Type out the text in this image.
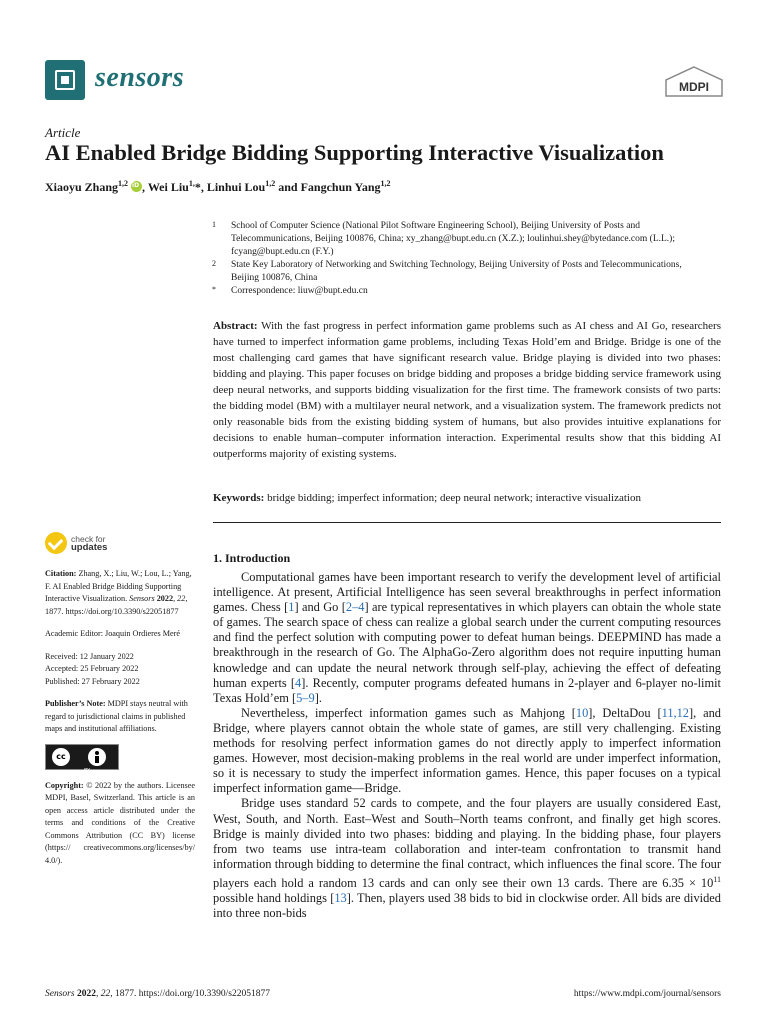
sensors	MDPI
Article
AI Enabled Bridge Bidding Supporting Interactive Visualization
Xiaoyu Zhang$^{1,2}$ iD , Wei Liu$^{1,}$*, Linhui Lou$^{1,2}$ and Fangchun Yang$^{1,2}$
1 School of Computer Science (National Pilot Software Engineering School), Beijing University of Posts and Telecommunications, Beijing 100876, China; xy_zhang@bupt.edu.cn (X.Z.); loulinhui.shey@bytedance.com (L.L.); fcyang@bupt.edu.cn (F.Y.)
2 State Key Laboratory of Networking and Switching Technology, Beijing University of Posts and Telecommunications, Beijing 100876, China
* Correspondence: liuw@bupt.edu.cn
Abstract: With the fast progress in perfect information game problems such as AI chess and AI Go, researchers have turned to imperfect information game problems, including Texas Hold’em and Bridge. Bridge is one of the most challenging card games that have significant research value. Bridge playing is divided into two phases: bidding and playing. This paper focuses on bridge bidding and proposes a bridge bidding service framework using deep neural networks, and supports bidding visualization for the first time. The framework consists of two parts: the bidding model (BM) with a multilayer neural network, and a visualization system. The framework predicts not only reasonable bids from the existing bidding system of humans, but also provides intuitive explanations for decisions to enable human–computer information interaction. Experimental results show that this bidding AI outperforms majority of existing systems.
Keywords: bridge bidding; imperfect information; deep neural network; interactive visualization
check for
updates
Citation: Zhang, X.; Liu, W.; Lou, L.; Yang, F. AI Enabled Bridge Bidding Supporting Interactive Visualization. Sensors 2022, 22, 1877. https://doi.org/10.3390/s22051877
Academic Editor: Joaquin Ordieres Meré
Received: 12 January 2022
Accepted: 25 February 2022
Published: 27 February 2022
Publisher’s Note: MDPI stays neutral with regard to jurisdictional claims in published maps and institutional affiliations.
cc
BY
Copyright: © 2022 by the authors. Licensee MDPI, Basel, Switzerland. This article is an open access article distributed under the terms and conditions of the Creative Commons Attribution (CC BY) license (https:// creativecommons.org/licenses/by/ 4.0/).
1. Introduction

Computational games have been important research to verify the development level of artificial intelligence. At present, Artificial Intelligence has seen several breakthroughs in perfect information games. Chess [1] and Go [2–4] are typical representatives in which players can obtain the whole state of games. The search space of chess can realize a global search under the current computing resources and find the perfect solution with computing power to defeat human beings. DEEPMIND has made a breakthrough in the research of Go. The AlphaGo-Zero algorithm does not require inputting human knowledge and can update the neural network through self-play, achieving the effect of defeating human experts [4]. Recently, computer programs defeated humans in 2-player and 6-player no-limit Texas Hold’em [5–9].

Nevertheless, imperfect information games such as Mahjong [10], DeltaDou [11,12], and Bridge, where players cannot obtain the whole state of games, are still very challenging. Existing methods for resolving perfect information games do not directly apply to imperfect information games. However, most decision-making problems in the real world are under imperfect information, so it is necessary to study the imperfect information games. Hence, this paper focuses on a typical imperfect information game—Bridge.

Bridge uses standard 52 cards to compete, and the four players are usually considered East, West, South, and North. East–West and South–North teams confront, and finally get high scores. Bridge is mainly divided into two phases: bidding and playing. In the bidding phase, four players from two teams use intra-team collaboration and inter-team confrontation to transmit hand information through bidding to determine the final contract, which influences the final score. The four players each hold a random 13 cards and can only see their own 13 cards. There are $6.35 \times 10^{11}$ possible hand holdings [13]. Then, players used 38 bids to bid in clockwise order. All bids are divided into three non-bids

Sensors 2022, 22, 1877. https://doi.org/10.3390/s22051877	https://www.mdpi.com/journal/sensors
